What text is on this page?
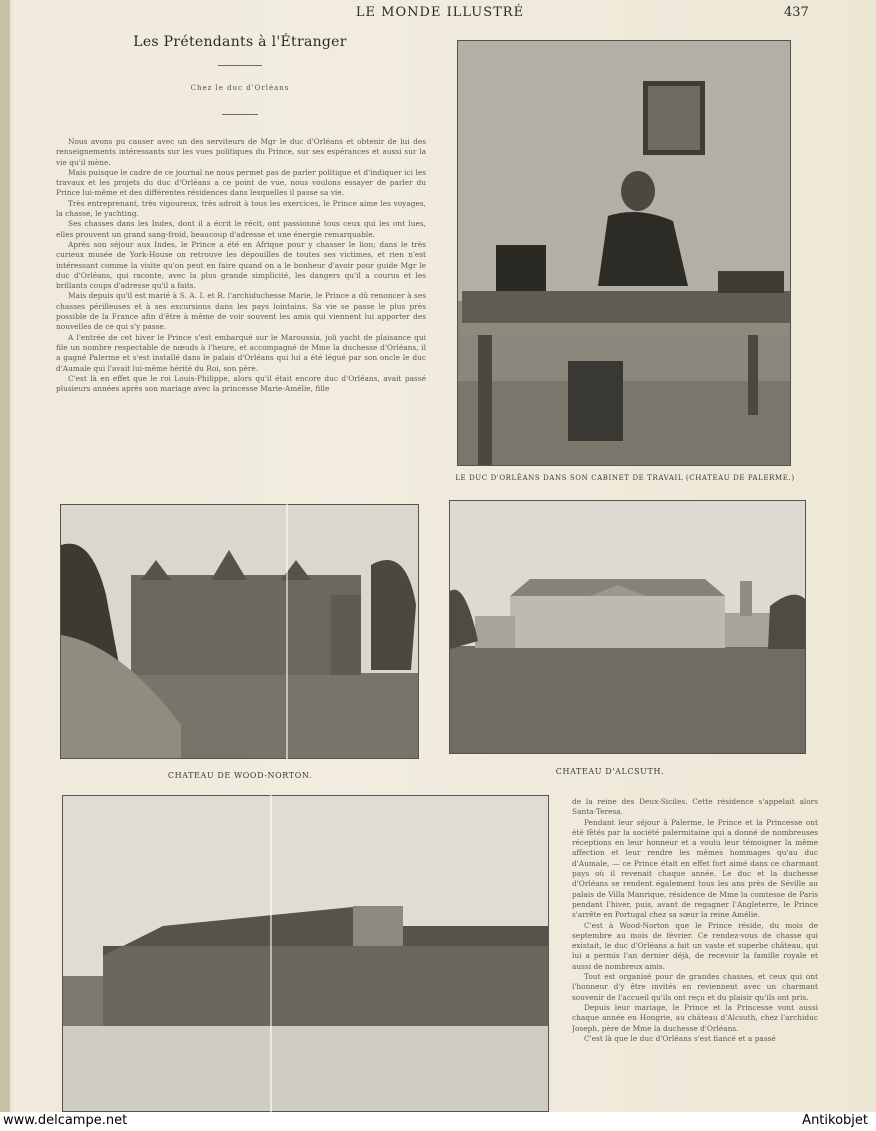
LE MONDE ILLUSTRÉ	437
Les Prétendants à l'Étranger
Chez le duc d'Orléans

Nous avons pu causer avec un des serviteurs de Mgr le duc d'Orléans et obtenir de lui des renseignements intéressants sur les vues politiques du Prince, sur ses espérances et aussi sur la vie qu'il mène.

Mais puisque le cadre de ce journal ne nous permet pas de parler politique et d'indiquer ici les travaux et les projets du duc d'Orléans a ce point de vue, nous voulons essayer de parler du Prince lui-même et des différentes résidences dans lesquelles il passe sa vie.

Très entreprenant, très vigoureux, très adroit à tous les exercices, le Prince aime les voyages, la chasse, le yachting.

Ses chasses dans les Indes, dont il a écrit le récit, ont passionné tous ceux qui les ont lues, elles prouvent un grand sang-froid, beaucoup d'adresse et une énergie remarquable.

Après son séjour aux Indes, le Prince a été en Afrique pour y chasser le lion; dans le très curieux musée de York-House on retrouve les dépouilles de toutes ses victimes, et rien n'est intéressant comme la visite qu'on peut en faire quand on a le bonheur d'avoir pour guide Mgr le duc d'Orléans, qui raconte, avec la plus grande simplicité, les dangers qu'il a courus et les brillants coups d'adresse qu'il a faits.

Mais depuis qu'il est marié à S. A. I. et R. l'archiduchesse Marie, le Prince a dû renoncer à ses chasses périlleuses et à ses excursions dans les pays lointains. Sa vie se passe le plus près possible de la France afin d'être à même de voir souvent les amis qui viennent lui apporter des nouvelles de ce qui s'y passe.

A l'entrée de cet hiver le Prince s'est embarqué sur le Maroussia, joli yacht de plaisance qui file un nombre respectable de nœuds à l'heure, et accompagné de Mme la duchesse d'Orléans, il a gagné Palerme et s'est installé dans le palais d'Orléans qui lui a été légué par son oncle le duc d'Aumale qui l'avait lui-même hérité du Roi, son père.

C'est là en effet que le roi Louis-Philippe, alors qu'il était encore duc d'Orléans, avait passé plusieurs années après son mariage avec la princesse Marie-Amélie, fille

LE DUC D'ORLÉANS DANS SON CABINET DE TRAVAIL (CHATEAU DE PALERME.)
CHATEAU DE WOOD-NORTON.	CHATEAU D'ALCSUTH.

de la reine des Deux-Siciles. Cette résidence s'appelait alors Santa-Teresa.

Pendant leur séjour à Palerme, le Prince et la Princesse ont été fêtés par la société palermitaine qui a donné de nombreuses réceptions en leur honneur et a voulu leur témoigner la même affection et leur rendre les mêmes hommages qu'au duc d'Aumale, — ce Prince était en effet fort aimé dans ce charmant pays où il revenait chaque année. Le duc et la duchesse d'Orléans se rendent également tous les ans près de Séville au palais de Villa Manrique, résidence de Mme la comtesse de Paris pendant l'hiver, puis, avant de regagner l'Angleterre, le Prince s'arrête en Portugal chez sa sœur la reine Amélie.

C'est à Wood-Norton que le Prince réside, du mois de septembre au mois de février. Ce rendez-vous de chasse qui existait, le duc d'Orléans a fait un vaste et superbe château, qui lui a permis l'an dernier déjà, de recevoir la famille royale et aussi de nombreux amis.

Tout est organisé pour de grandes chasses, et ceux qui ont l'honneur d'y être invités en reviennent avec un charmant souvenir de l'accueil qu'ils ont reçu et du plaisir qu'ils ont pris.

Depuis leur mariage, le Prince et la Princesse vont aussi chaque année en Hongrie, au château d'Alcsuth, chez l'archiduc Joseph, père de Mme la duchesse d'Orléans.

C'est là que le duc d'Orléans s'est fiancé et a passé

www.delcampe.net	Antikobjet
